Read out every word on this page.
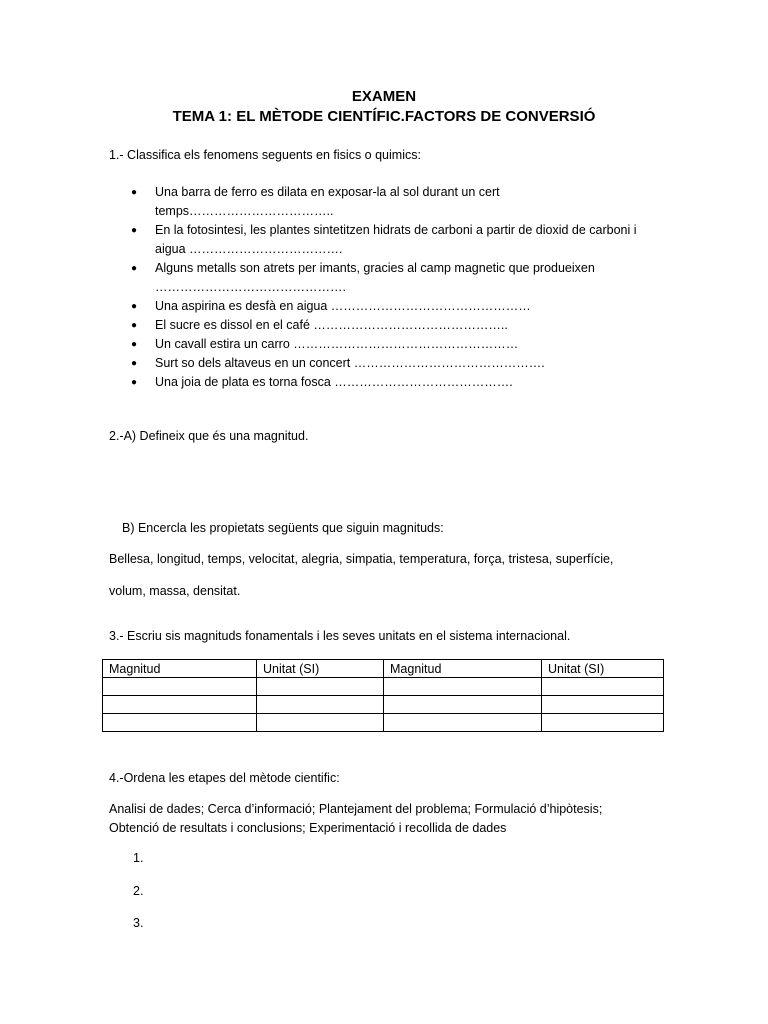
EXAMEN
TEMA 1: EL MÈTODE CIENTÍFIC.FACTORS DE CONVERSIÓ
1.- Classifica els fenomens seguents en fisics o quimics:
● Una barra de ferro es dilata en exposar-la al sol durant un cert temps……………………………..
● En la fotosintesi, les plantes sintetitzen hidrats de carboni a partir de dioxid de carboni i aigua ……………………………….
● Alguns metalls son atrets per imants, gracies al camp magnetic que produeixen ……………………………………….
● Una aspirina es desfà en aigua …………………………………………
● El sucre es dissol en el café ………………………………………..
● Un cavall estira un carro ………………………………………………
● Surt so dels altaveus en un concert ……………………………………….
● Una joia de plata es torna fosca …………………………………….
2.-A) Defineix que és una magnitud.
B) Encercla les propietats següents que siguin magnituds:
Bellesa, longitud, temps, velocitat, alegria, simpatia, temperatura, força, tristesa, superfície,
volum, massa, densitat.
3.- Escriu sis magnituds fonamentals i les seves unitats en el sistema internacional.
Magnitud	Unitat (SI)	Magnitud	Unitat (SI)

4.-Ordena les etapes del mètode cientific:
Analisi de dades; Cerca d’informació; Plantejament del problema; Formulació d’hipòtesis;
Obtenció de resultats i conclusions; Experimentació i recollida de dades
1.
2.
3.
